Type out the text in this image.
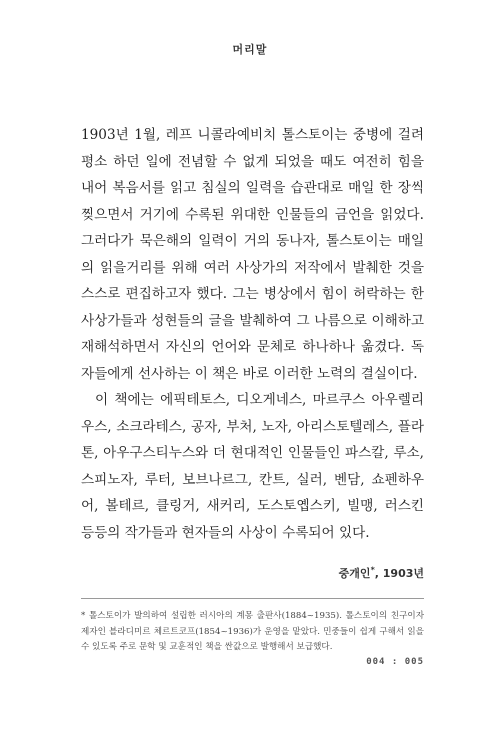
머리말

1903년 1월, 레프 니콜라예비치 톨스토이는 중병에 걸려 평소 하던 일에 전념할 수 없게 되었을 때도 여전히 힘을 내어 복음서를 읽고 침실의 일력을 습관대로 매일 한 장씩 찢으면서 거기에 수록된 위대한 인물들의 금언을 읽었다. 그러다가 묵은해의 일력이 거의 동나자, 톨스토이는 매일의 읽을거리를 위해 여러 사상가의 저작에서 발췌한 것을 스스로 편집하고자 했다. 그는 병상에서 힘이 허락하는 한 사상가들과 성현들의 글을 발췌하여 그 나름으로 이해하고 재해석하면서 자신의 언어와 문체로 하나하나 옮겼다. 독자들에게 선사하는 이 책은 바로 이러한 노력의 결실이다.

이 책에는 에픽테토스, 디오게네스, 마르쿠스 아우렐리우스, 소크라테스, 공자, 부처, 노자, 아리스토텔레스, 플라톤, 아우구스티누스와 더 현대적인 인물들인 파스칼, 루소, 스피노자, 루터, 보브나르그, 칸트, 실러, 벤담, 쇼펜하우어, 볼테르, 클링거, 새커리, 도스토옙스키, 빌맹, 러스킨 등등의 작가들과 현자들의 사상이 수록되어 있다.

중개인*, 1903년
* 톨스토이가 발의하여 설립한 러시아의 계몽 출판사(1884~1935). 톨스토이의 친구이자 제자인 블라디미르 체르트코프(1854~1936)가 운영을 맡았다. 민중들이 쉽게 구해서 읽을 수 있도록 주로 문학 및 교훈적인 책을 싼값으로 발행해서 보급했다.
004 : 005
